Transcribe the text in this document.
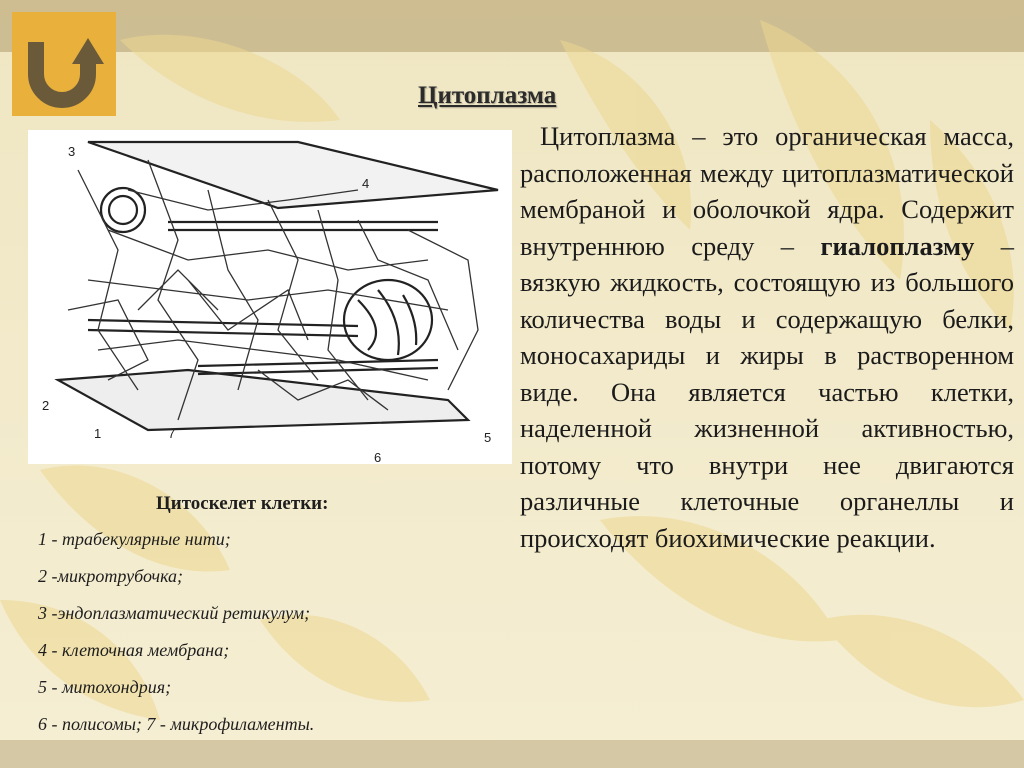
Цитоплазма
3
4
2
1	7
6
5
Цитоскелет клетки:
1 - трабекулярные нити;
2 -микротрубочка;
3 -эндоплазматический ретикулум;
4 - клеточная мембрана;
5 - митохондрия;
6 - полисомы; 7 - микрофиламенты.
Цитоплазма – это органическая масса, расположенная между цитоплазматической мембраной и оболочкой ядра. Содержит внутреннюю среду – гиалоплазму – вязкую жидкость, состоящую из большого количества воды и содержащую белки, моносахариды и жиры в растворенном виде. Она является частью клетки, наделенной жизненной активностью, потому что внутри нее двигаются различные клеточные органеллы и происходят биохимические реакции.
